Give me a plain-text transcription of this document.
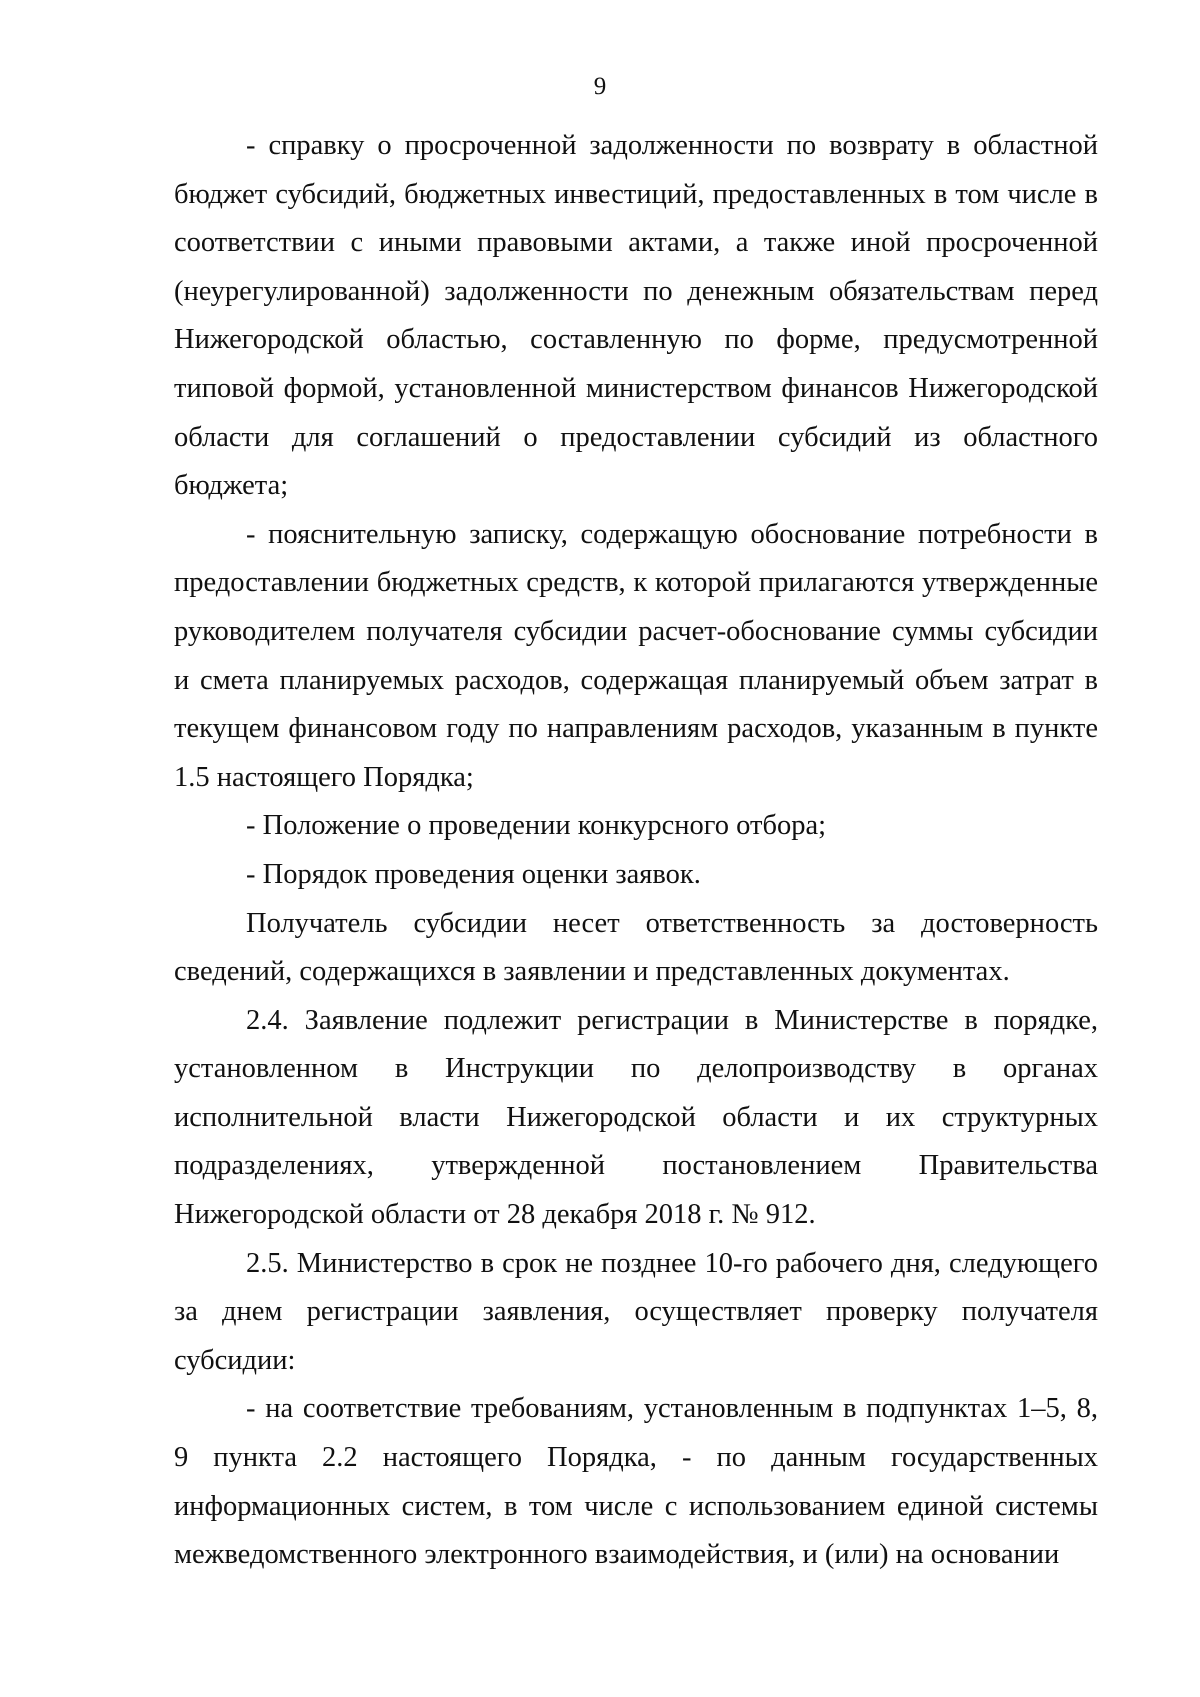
9

- справку о просроченной задолженности по возврату в областной бюджет субсидий, бюджетных инвестиций, предоставленных в том числе в соответствии с иными правовыми актами, а также иной просроченной (неурегулированной) задолженности по денежным обязательствам перед Нижегородской областью, составленную по форме, предусмотренной типовой формой, установленной министерством финансов Нижегородской области для соглашений о предоставлении субсидий из областного бюджета;

- пояснительную записку, содержащую обоснование потребности в предоставлении бюджетных средств, к которой прилагаются утвержденные руководителем получателя субсидии расчет-обоснование суммы субсидии и смета планируемых расходов, содержащая планируемый объем затрат в текущем финансовом году по направлениям расходов, указанным в пункте 1.5 настоящего Порядка;

- Положение о проведении конкурсного отбора;

- Порядок проведения оценки заявок.

Получатель субсидии несет ответственность за достоверность сведений, содержащихся в заявлении и представленных документах.

2.4. Заявление подлежит регистрации в Министерстве в порядке, установленном в Инструкции по делопроизводству в органах исполнительной власти Нижегородской области и их структурных подразделениях, утвержденной постановлением Правительства Нижегородской области от 28 декабря 2018 г. № 912.

2.5. Министерство в срок не позднее 10-го рабочего дня, следующего за днем регистрации заявления, осуществляет проверку получателя субсидии:

- на соответствие требованиям, установленным в подпунктах 1–5, 8, 9 пункта 2.2 настоящего Порядка, - по данным государственных информационных систем, в том числе с использованием единой системы межведомственного электронного взаимодействия, и (или) на основании
